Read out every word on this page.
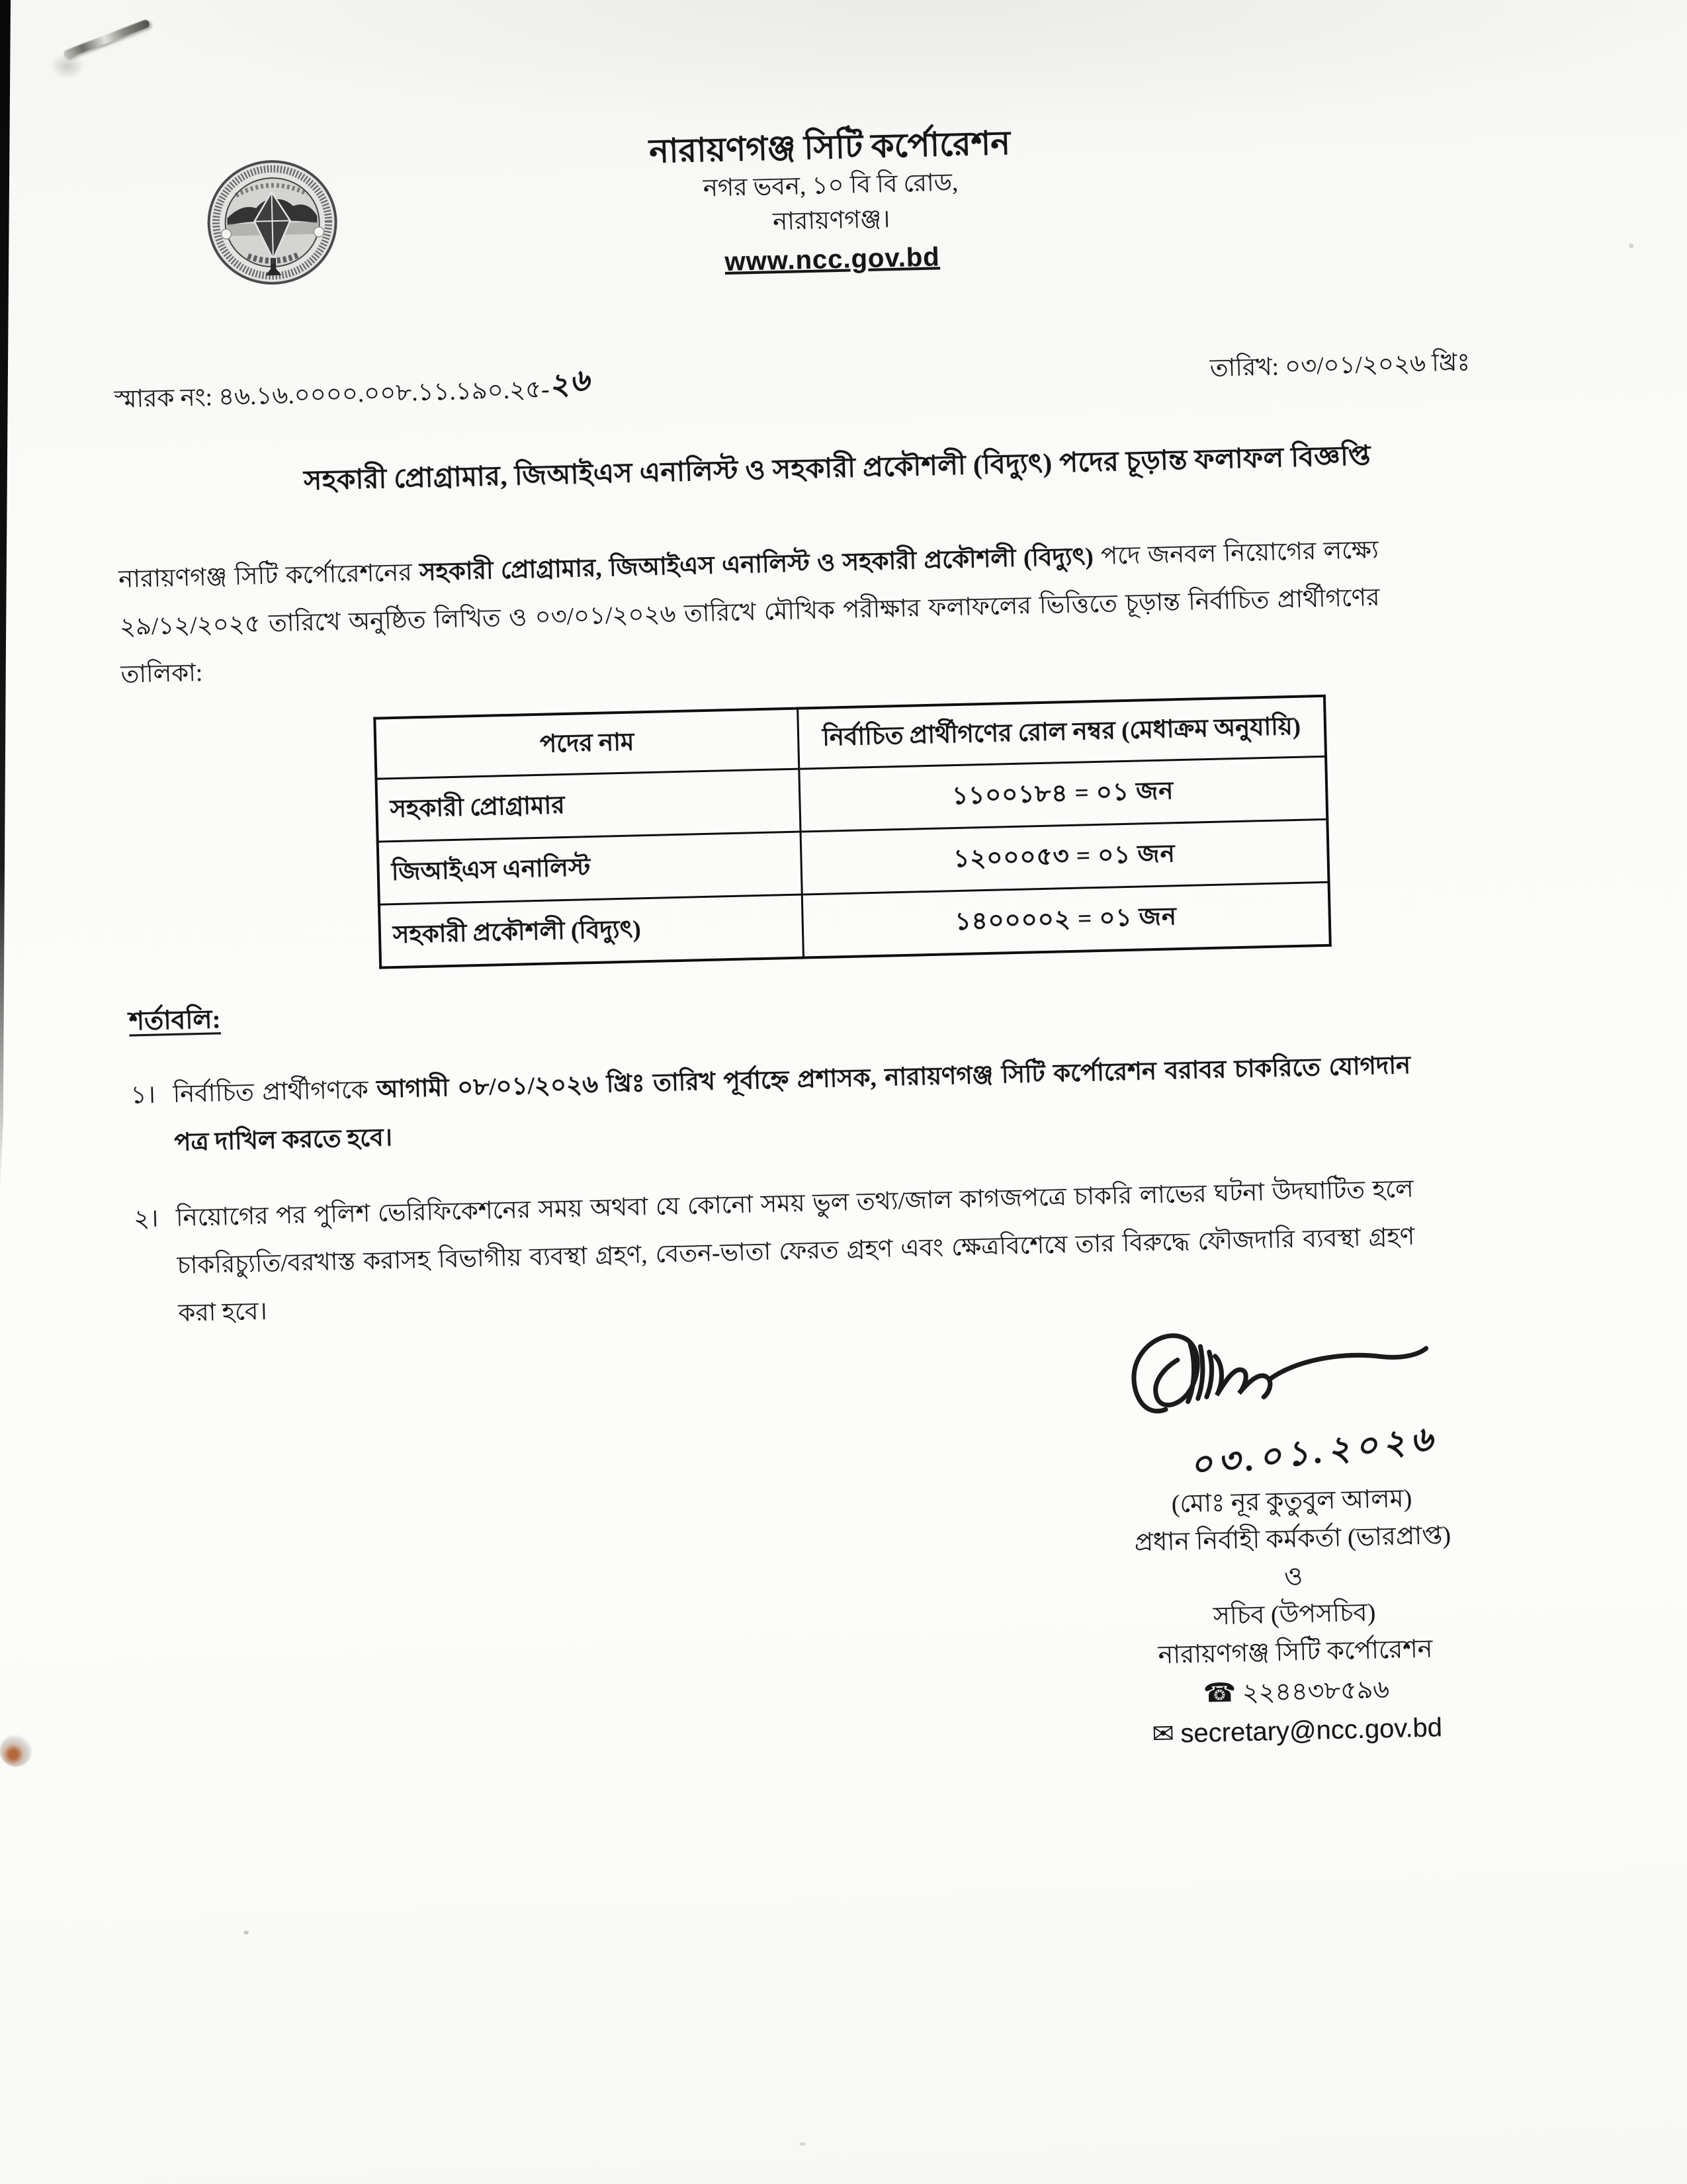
নারায়ণগঞ্জ সিটি কর্পোরেশন
নগর ভবন, ১০ বি বি রোড,
নারায়ণগঞ্জ।
www.ncc.gov.bd
স্মারক নং: ৪৬.১৬.০০০০.০০৮.১১.১৯০.২৫-২৬	তারিখ: ০৩/০১/২০২৬ খ্রিঃ
সহকারী প্রোগ্রামার, জিআইএস এনালিস্ট ও সহকারী প্রকৌশলী (বিদ্যুৎ) পদের চূড়ান্ত ফলাফল বিজ্ঞপ্তি
নারায়ণগঞ্জ সিটি কর্পোরেশনের সহকারী প্রোগ্রামার, জিআইএস এনালিস্ট ও সহকারী প্রকৌশলী (বিদ্যুৎ) পদে জনবল নিয়োগের লক্ষ্যে ২৯/১২/২০২৫ তারিখে অনুষ্ঠিত লিখিত ও ০৩/০১/২০২৬ তারিখে মৌখিক পরীক্ষার ফলাফলের ভিত্তিতে চূড়ান্ত নির্বাচিত প্রার্থীগণের তালিকা:
পদের নাম	নির্বাচিত প্রার্থীগণের রোল নম্বর (মেধাক্রম অনুযায়ি)
সহকারী প্রোগ্রামার	১১০০১৮৪ = ০১ জন
জিআইএস এনালিস্ট	১২০০০৫৩ = ০১ জন
সহকারী প্রকৌশলী (বিদ্যুৎ)	১৪০০০০২ = ০১ জন
শর্তাবলি:
১। নির্বাচিত প্রার্থীগণকে আগামী ০৮/০১/২০২৬ খ্রিঃ তারিখ পূর্বাহ্নে প্রশাসক, নারায়ণগঞ্জ সিটি কর্পোরেশন বরাবর চাকরিতে যোগদান পত্র দাখিল করতে হবে।
২। নিয়োগের পর পুলিশ ভেরিফিকেশনের সময় অথবা যে কোনো সময় ভুল তথ্য/জাল কাগজপত্রে চাকরি লাভের ঘটনা উদঘাটিত হলে চাকরিচ্যুতি/বরখাস্ত করাসহ বিভাগীয় ব্যবস্থা গ্রহণ, বেতন-ভাতা ফেরত গ্রহণ এবং ক্ষেত্রবিশেষে তার বিরুদ্ধে ফৌজদারি ব্যবস্থা গ্রহণ করা হবে।
০৩.০১.২০২৬
(মোঃ নূর কুতুবুল আলম)
প্রধান নির্বাহী কর্মকর্তা (ভারপ্রাপ্ত)
ও
সচিব (উপসচিব)
নারায়ণগঞ্জ সিটি কর্পোরেশন
☎ ২২৪৪৩৮৫৯৬
✉ secretary@ncc.gov.bd
